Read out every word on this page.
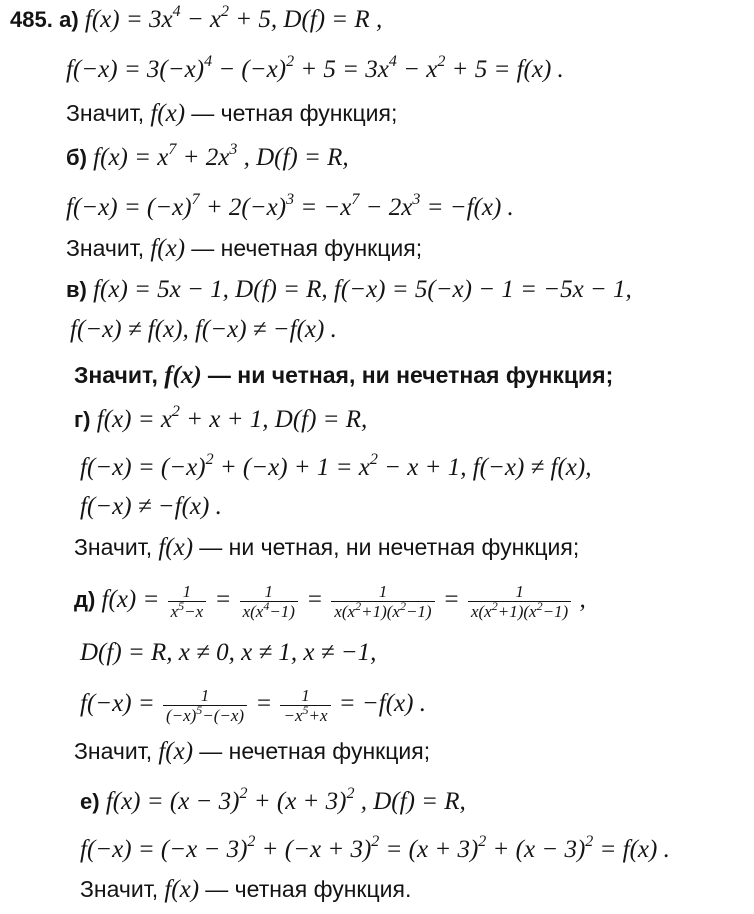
485. а) $f(x) = 3x^4 - x^2 + 5$, D(f) = R ,
$f(-x) = 3(-x)^4 - (-x)^2 + 5 = 3x^4 - x^2 + 5 = f(x)$ .
Значит, f(x) — четная функция;
б) $f(x) = x^7 + 2x^3$ , D(f) = R,
$f(-x) = (-x)^7 + 2(-x)^3 = -x^7 - 2x^3 = -f(x)$ .
Значит, f(x) — нечетная функция;
в) f(x) = 5x − 1, D(f) = R, f(−x) = 5(−x) − 1 = −5x − 1,
f(−x) ≠ f(x), f(−x) ≠ −f(x) .
Значит, f(x) — ни четная, ни нечетная функция;
г) $f(x) = x^2 + x + 1$, D(f) = R,
$f(-x) = (-x)^2 + (-x) + 1 = x^2 - x + 1$, f(−x) ≠ f(x),
f(−x) ≠ −f(x) .
Значит, f(x) — ни четная, ни нечетная функция;
д) $f(x) = \frac{1}{x^5-x} = \frac{1}{x(x^4-1)} = \frac{1}{x(x^2+1)(x^2-1)} = \frac{1}{x(x^2+1)(x^2-1)}$ ,
D(f) = R, x ≠ 0, x ≠ 1, x ≠ −1,
$f(-x) = \frac{1}{(-x)^5-(-x)} = \frac{1}{-x^5+x} = -f(x)$ .
Значит, f(x) — нечетная функция;
е) $f(x) = (x - 3)^2 + (x + 3)^2$ , D(f) = R,
$f(-x) = (-x - 3)^2 + (-x + 3)^2 = (x + 3)^2 + (x - 3)^2 = f(x)$ .
Значит, f(x) — четная функция.
